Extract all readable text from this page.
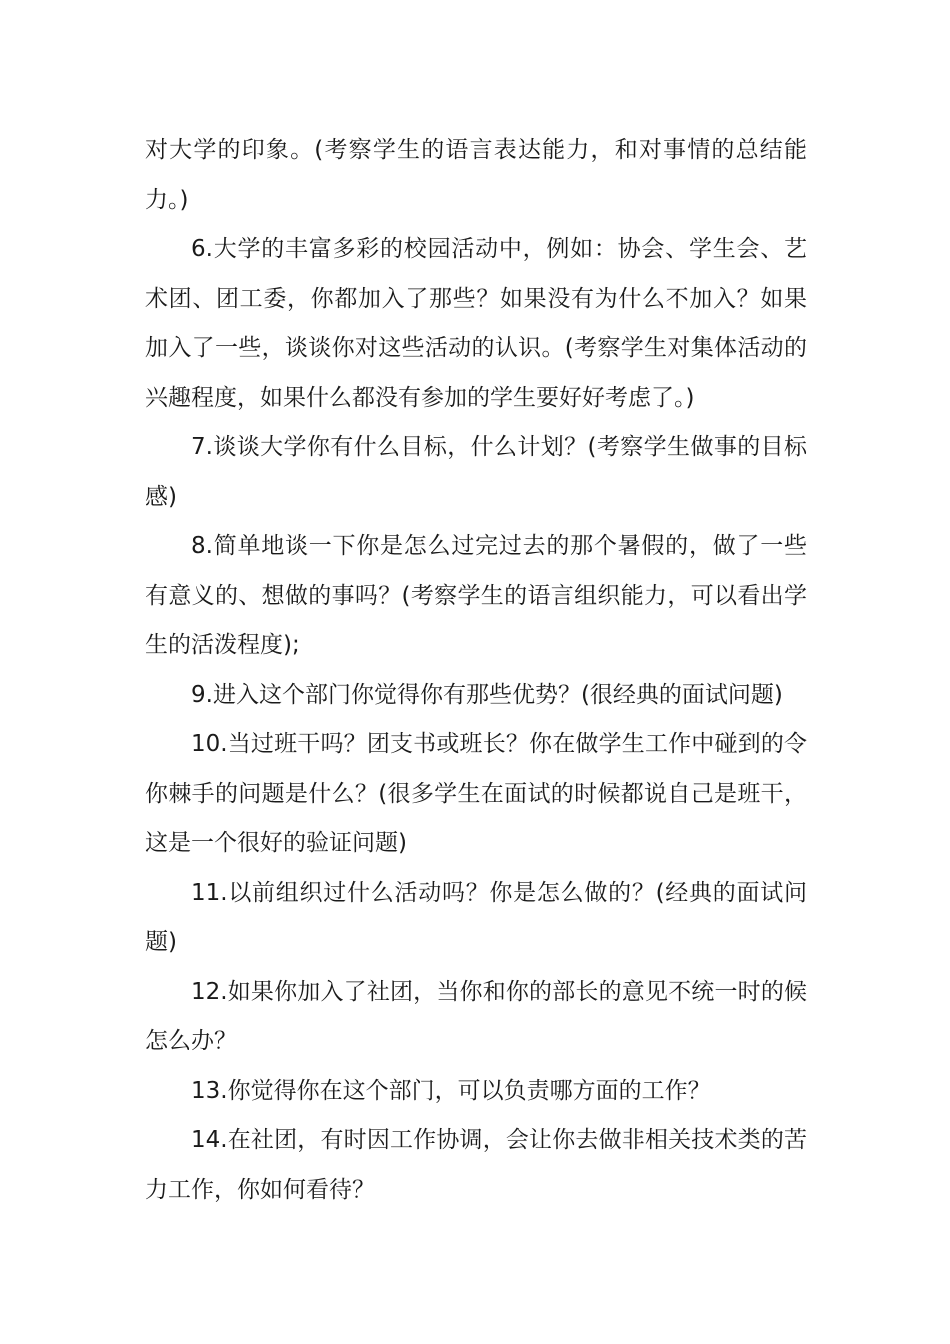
对大学的印象。(考察学生的语言表达能力，和对事情的总结能力。)

6.大学的丰富多彩的校园活动中，例如：协会、学生会、艺术团、团工委，你都加入了那些？如果没有为什么不加入？如果加入了一些，谈谈你对这些活动的认识。(考察学生对集体活动的兴趣程度，如果什么都没有参加的学生要好好考虑了。)

7.谈谈大学你有什么目标，什么计划？(考察学生做事的目标感)

8.简单地谈一下你是怎么过完过去的那个暑假的，做了一些有意义的、想做的事吗？(考察学生的语言组织能力，可以看出学生的活泼程度);

9.进入这个部门你觉得你有那些优势？(很经典的面试问题)

10.当过班干吗？团支书或班长？你在做学生工作中碰到的令你棘手的问题是什么？(很多学生在面试的时候都说自己是班干，这是一个很好的验证问题)

11.以前组织过什么活动吗？你是怎么做的？(经典的面试问题)

12.如果你加入了社团，当你和你的部长的意见不统一时的候怎么办？

13.你觉得你在这个部门，可以负责哪方面的工作？

14.在社团，有时因工作协调，会让你去做非相关技术类的苦力工作，你如何看待？
